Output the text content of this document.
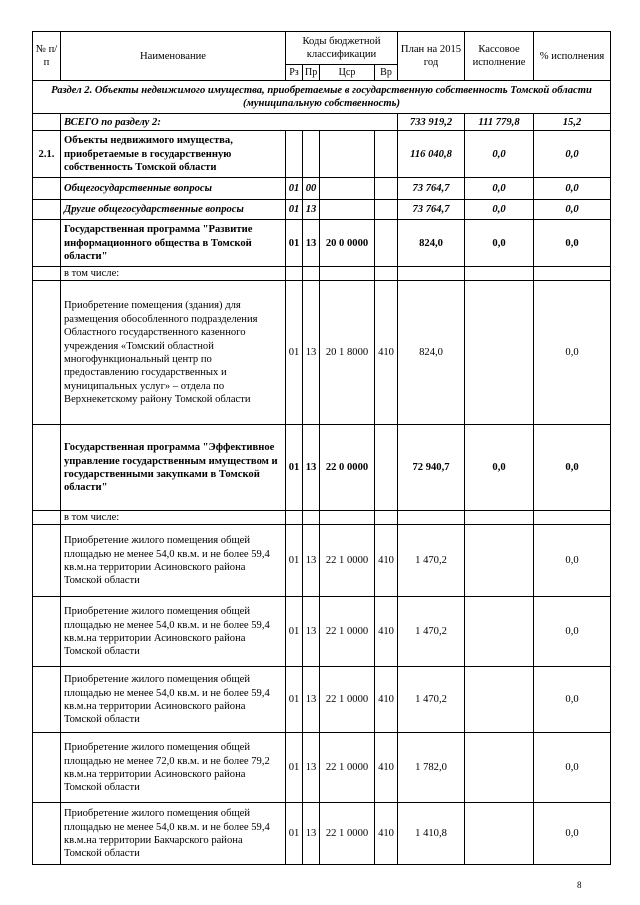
№ п/п	Наименование	Коды бюджетной классификации				План на 2015 год	Кассовое исполнение	% исполнения
		Рз	Пр	Цср	Вр			
Раздел 2. Объекты недвижимого имущества, приобретаемые в государственную собственность Томской области (муниципальную собственность)								
	ВСЕГО по разделу 2:					733 919,2	111 779,8	15,2
2.1.	Объекты недвижимого имущества, приобретаемые в государственную собственность Томской области					116 040,8	0,0	0,0
	Общегосударственные вопросы	01	00			73 764,7	0,0	0,0
	Другие общегосударственные вопросы	01	13			73 764,7	0,0	0,0
	Государственная программа "Развитие информационного общества в Томской области"	01	13	20 0 0000		824,0	0,0	0,0
	в том числе:							
	Приобретение помещения (здания) для размещения обособленного подразделения Областного государственного казенного учреждения «Томский областной многофункциональный центр по предоставлению государственных и муниципальных услуг» – отдела по Верхнекетскому району Томской области	01	13	20 1 8000	410	824,0		0,0
	Государственная программа "Эффективное управление государственным имуществом и государственными закупками в Томской области"	01	13	22 0 0000		72 940,7	0,0	0,0
	в том числе:							
	Приобретение жилого помещения общей площадью не менее 54,0 кв.м. и не более 59,4 кв.м.на территории Асиновского района Томской области	01	13	22 1 0000	410	1 470,2		0,0
	Приобретение жилого помещения общей площадью не менее 54,0 кв.м. и не более 59,4 кв.м.на территории Асиновского района Томской области	01	13	22 1 0000	410	1 470,2		0,0
	Приобретение жилого помещения общей площадью не менее 54,0 кв.м. и не более 59,4 кв.м.на территории Асиновского района Томской области	01	13	22 1 0000	410	1 470,2		0,0
	Приобретение жилого помещения общей площадью не менее 72,0 кв.м. и не более 79,2 кв.м.на территории Асиновского района Томской области	01	13	22 1 0000	410	1 782,0		0,0
	Приобретение жилого помещения общей площадью не менее 54,0 кв.м. и не более 59,4 кв.м.на территории Бакчарского района Томской области	01	13	22 1 0000	410	1 410,8		0,0
8
